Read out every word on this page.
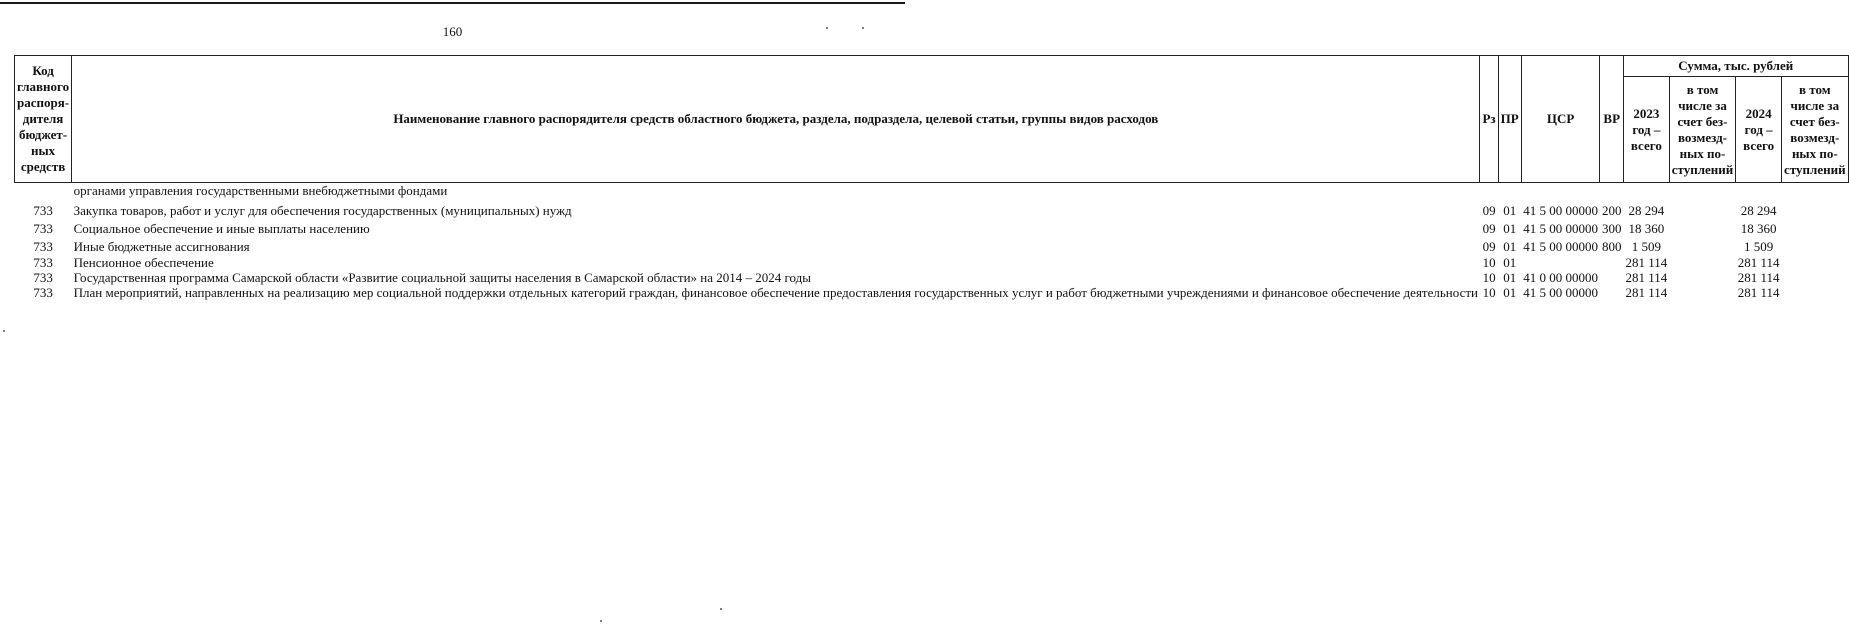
160
Код главного распоря-дителя бюджет-ных средств	Наименование главного распорядителя средств областного бюджета, раздела, подраздела, целевой статьи, группы видов расходов	Рз	ПР	ЦСР	ВР	Сумма, тыс. рублей			
						2023 год – всего	в том числе за счет без-возмезд-ных по-ступлений	2024 год – всего	в том числе за счет без-возмезд-ных по-ступлений
	органами управления государственными внебюджетными фондами								
733	Закупка товаров, работ и услуг для обеспечения государственных (муниципальных) нужд	09	01	41 5 00 00000	200	28 294		28 294	
733	Социальное обеспечение и иные выплаты населению	09	01	41 5 00 00000	300	18 360		18 360	
733	Иные бюджетные ассигнования	09	01	41 5 00 00000	800	1 509		1 509	
733	Пенсионное обеспечение	10	01			281 114		281 114	
733	Государственная программа Самарской области «Развитие социальной защиты населения в Самарской области» на 2014 – 2024 годы	10	01	41 0 00 00000		281 114		281 114	
733	План мероприятий, направленных на реализацию мер социальной поддержки отдельных категорий граждан, финансовое обеспечение предоставления государственных услуг и работ бюджетными учреждениями и финансовое обеспечение деятельности	10	01	41 5 00 00000		281 114		281 114	
